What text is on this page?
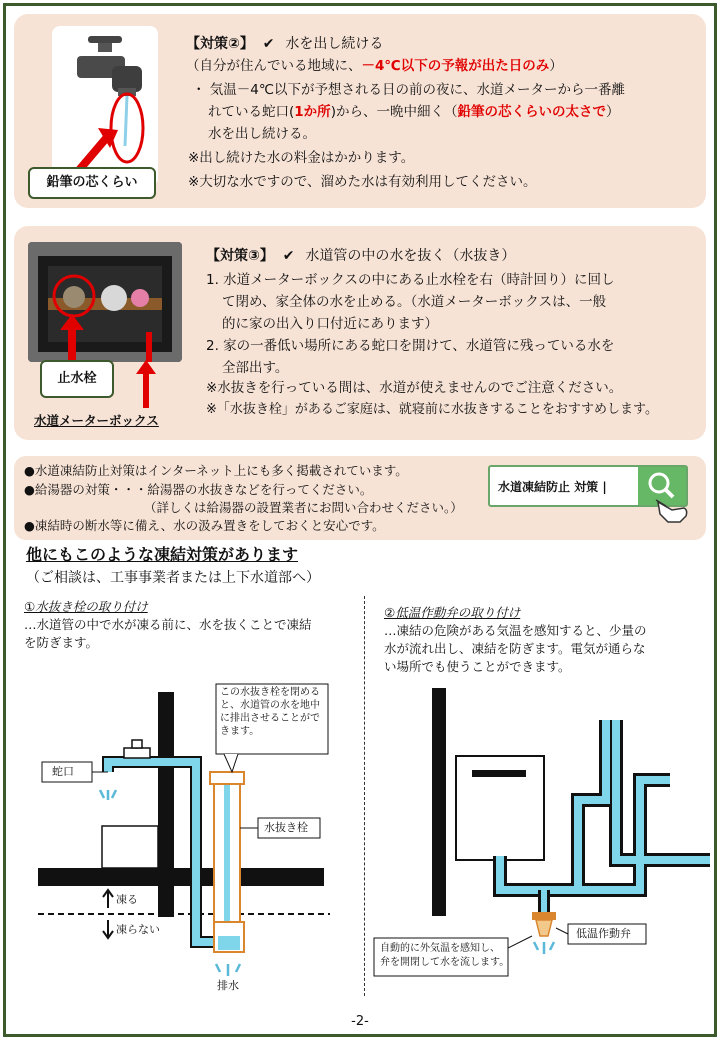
鉛筆の芯くらい
【対策②】 ✔ 水を出し続ける
（自分が住んでいる地域に、－4℃以下の予報が出た日のみ）
・ 気温－4℃以下が予想される日の前の夜に、水道メーターから一番離
れている蛇口(1か所)から、一晩中細く（鉛筆の芯くらいの太さで）
水を出し続ける。
※出し続けた水の料金はかかります。
※大切な水ですので、溜めた水は有効利用してください。
止水栓
水道メーターボックス
【対策③】 ✔ 水道管の中の水を抜く（水抜き）
1. 水道メーターボックスの中にある止水栓を右（時計回り）に回し
て閉め、家全体の水を止める。（水道メーターボックスは、一般
的に家の出入り口付近にあります）
2. 家の一番低い場所にある蛇口を開けて、水道管に残っている水を
全部出す。
※水抜きを行っている間は、水道が使えませんのでご注意ください。
※「水抜き栓」があるご家庭は、就寝前に水抜きすることをおすすめします。
●水道凍結防止対策はインターネット上にも多く掲載されています。
●給湯器の対策・・・給湯器の水抜きなどを行ってください。
（詳しくは給湯器の設置業者にお問い合わせください。）
●凍結時の断水等に備え、水の汲み置きをしておくと安心です。
水道凍結防止 対策 |
他にもこのような凍結対策があります
（ご相談は、工事事業者または上下水道部へ）
①水抜き栓の取り付け
…水道管の中で水が凍る前に、水を抜くことで凍結
を防ぎます。
この水抜き栓を閉める
と、水道管の水を地中
に排出させることがで
きます。
蛇口
水抜き栓
凍る
凍らない
排水
②低温作動弁の取り付け
…凍結の危険がある気温を感知すると、少量の
水が流れ出し、凍結を防ぎます。電気が通らな
い場所でも使うことができます。
低温作動弁
自動的に外気温を感知し、
弁を開閉して水を流します。
-2-
